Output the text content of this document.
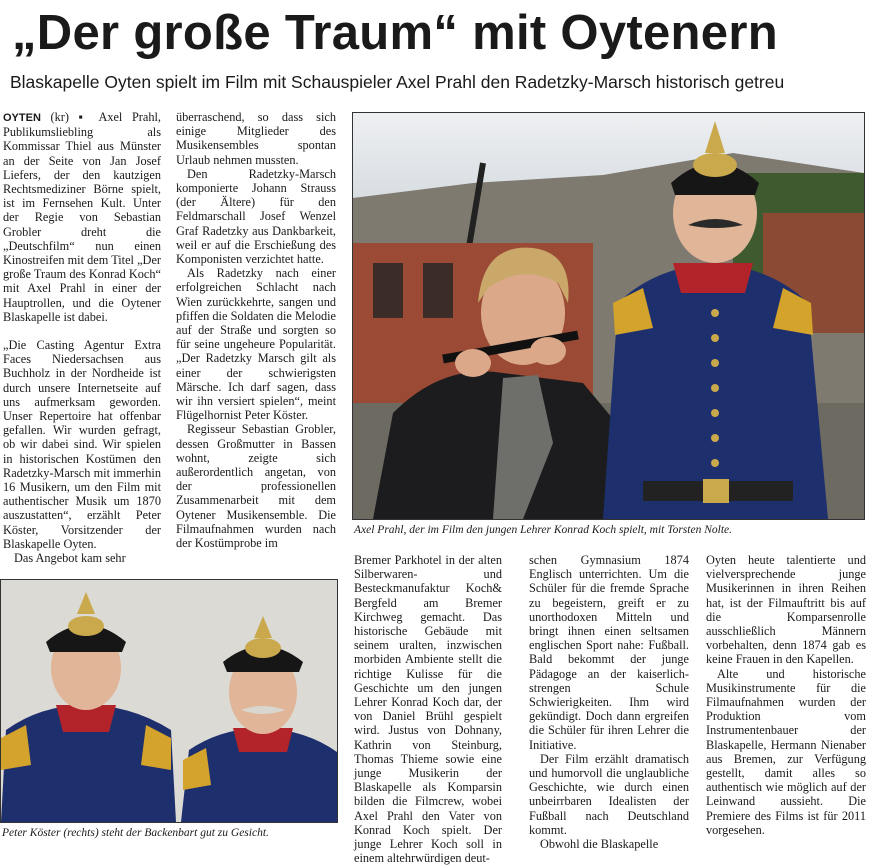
„Der große Traum“ mit Oytenern
Blaskapelle Oyten spielt im Film mit Schauspieler Axel Prahl den Radetzky-Marsch historisch getreu

OYTEN (kr) ▪ Axel Prahl, Publikumsliebling als Kommissar Thiel aus Münster an der Seite von Jan Josef Liefers, der den kautzigen Rechtsmediziner Börne spielt, ist im Fernsehen Kult. Unter der Regie von Sebastian Grobler dreht die „Deutschfilm“ nun einen Kinostreifen mit dem Titel „Der große Traum des Konrad Koch“ mit Axel Prahl in einer der Hauptrollen, und die Oytener Blaskapelle ist dabei.

„Die Casting Agentur Extra Faces Niedersachsen aus Buchholz in der Nordheide ist durch unsere Internetseite auf uns aufmerksam geworden. Unser Repertoire hat offenbar gefallen. Wir wurden gefragt, ob wir dabei sind. Wir spielen in historischen Kostümen den Radetzky-Marsch mit immerhin 16 Musikern, um den Film mit authentischer Musik um 1870 auszustatten“, erzählt Peter Köster, Vorsitzender der Blaskapelle Oyten.

Das Angebot kam sehr

überraschend, so dass sich einige Mitglieder des Musikensembles spontan Urlaub nehmen mussten.

Den Radetzky-Marsch komponierte Johann Strauss (der Ältere) für den Feldmarschall Josef Wenzel Graf Radetzky aus Dankbarkeit, weil er auf die Erschießung des Komponisten verzichtet hatte.

Als Radetzky nach einer erfolgreichen Schlacht nach Wien zurückkehrte, sangen und pfiffen die Soldaten die Melodie auf der Straße und sorgten so für seine ungeheure Popularität. „Der Radetzky Marsch gilt als einer der schwierigsten Märsche. Ich darf sagen, dass wir ihn versiert spielen“, meint Flügelhornist Peter Köster.

Regisseur Sebastian Grobler, dessen Großmutter in Bassen wohnt, zeigte sich außerordentlich angetan, von der professionellen Zusammenarbeit mit dem Oytener Musikensemble. Die Filmaufnahmen wurden nach der Kostümprobe im

Axel Prahl, der im Film den jungen Lehrer Konrad Koch spielt, mit Torsten Nolte.
Peter Köster (rechts) steht der Backenbart gut zu Gesicht.

Bremer Parkhotel in der alten Silberwaren- und Besteckmanufaktur Koch& Bergfeld am Bremer Kirchweg gemacht. Das historische Gebäude mit seinem uralten, inzwischen morbiden Ambiente stellt die richtige Kulisse für die Geschichte um den jungen Lehrer Konrad Koch dar, der von Daniel Brühl gespielt wird. Justus von Dohnany, Kathrin von Steinburg, Thomas Thieme sowie eine junge Musikerin der Blaskapelle als Komparsin bilden die Filmcrew, wobei Axel Prahl den Vater von Konrad Koch spielt. Der junge Lehrer Koch soll in einem altehrwürdigen deut-

schen Gymnasium 1874 Englisch unterrichten. Um die Schüler für die fremde Sprache zu begeistern, greift er zu unorthodoxen Mitteln und bringt ihnen einen seltsamen englischen Sport nahe: Fußball. Bald bekommt der junge Pädagoge an der kaiserlich-strengen Schule Schwierigkeiten. Ihm wird gekündigt. Doch dann ergreifen die Schüler für ihren Lehrer die Initiative.

Der Film erzählt dramatisch und humorvoll die unglaubliche Geschichte, wie durch einen unbeirrbaren Idealisten der Fußball nach Deutschland kommt.

Obwohl die Blaskapelle

Oyten heute talentierte und vielversprechende junge Musikerinnen in ihren Reihen hat, ist der Filmauftritt bis auf die Komparsenrolle ausschließlich Männern vorbehalten, denn 1874 gab es keine Frauen in den Kapellen.

Alte und historische Musikinstrumente für die Filmaufnahmen wurden der Produktion vom Instrumentenbauer der Blaskapelle, Hermann Nienaber aus Bremen, zur Verfügung gestellt, damit alles so authentisch wie möglich auf der Leinwand aussieht. Die Premiere des Films ist für 2011 vorgesehen.
